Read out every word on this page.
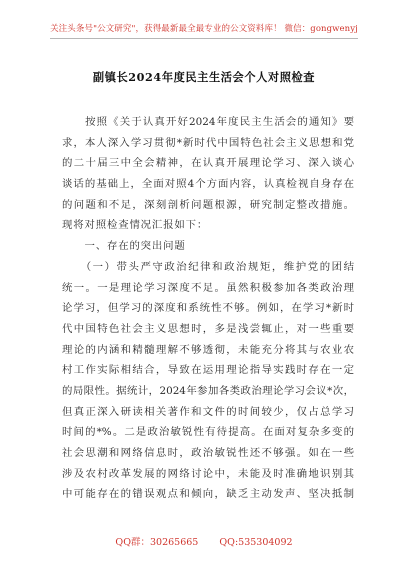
关注头条号"公文研究"，获得最新最全最专业的公文资料库！ 微信：gongwenyj
副镇长2024年度民主生活会个人对照检查
　　按照《关于认真开好2024年度民主生活会的通知》要
求，本人深入学习贯彻*新时代中国特色社会主义思想和党
的二十届三中全会精神，在认真开展理论学习、深入谈心
谈话的基础上，全面对照4个方面内容，认真检视自身存在
的问题和不足，深刻剖析问题根源，研究制定整改措施。
现将对照检查情况汇报如下：
　　一、存在的突出问题
　　（一）带头严守政治纪律和政治规矩，维护党的团结
统一。一是理论学习深度不足。虽然积极参加各类政治理
论学习，但学习的深度和系统性不够。例如，在学习*新时
代中国特色社会主义思想时，多是浅尝辄止，对一些重要
理论的内涵和精髓理解不够透彻，未能充分将其与农业农
村工作实际相结合，导致在运用理论指导实践时存在一定
的局限性。据统计，2024年参加各类政治理论学习会议*次，
但真正深入研读相关著作和文件的时间较少，仅占总学习
时间的*%。二是政治敏锐性有待提高。在面对复杂多变的
社会思潮和网络信息时，政治敏锐性还不够强。如在一些
涉及农村改革发展的网络讨论中，未能及时准确地识别其
中可能存在的错误观点和倾向，缺乏主动发声、坚决抵制
QQ群：30265665 QQ:535304092
